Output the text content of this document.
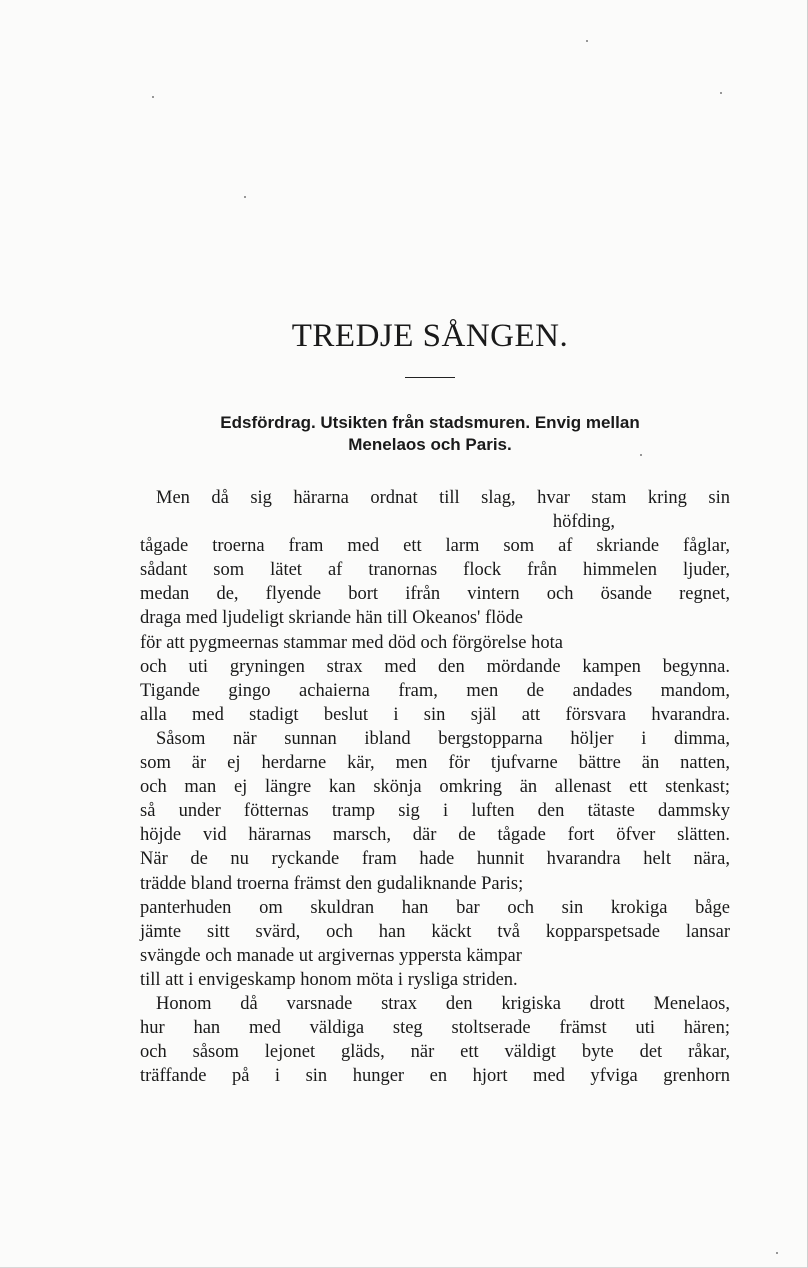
TREDJE SÅNGEN.
Edsfördrag. Utsikten från stadsmuren. Envig mellan
Menelaos och Paris.
Men då sig härarna ordnat till slag, hvar stam kring sin
höfding,
tågade troerna fram med ett larm som af skriande fåglar,
sådant som lätet af tranornas flock från himmelen ljuder,
medan de, flyende bort ifrån vintern och ösande regnet,
draga med ljudeligt skriande hän till Okeanos' flöde
för att pygmeernas stammar med död och förgörelse hota
och uti gryningen strax med den mördande kampen begynna.
Tigande gingo achaierna fram, men de andades mandom,
alla med stadigt beslut i sin själ att försvara hvarandra.
Såsom när sunnan ibland bergstopparna höljer i dimma,
som är ej herdarne kär, men för tjufvarne bättre än natten,
och man ej längre kan skönja omkring än allenast ett stenkast;
så under fötternas tramp sig i luften den tätaste dammsky
höjde vid härarnas marsch, där de tågade fort öfver slätten.
När de nu ryckande fram hade hunnit hvarandra helt nära,
trädde bland troerna främst den gudaliknande Paris;
panterhuden om skuldran han bar och sin krokiga båge
jämte sitt svärd, och han käckt två kopparspetsade lansar
svängde och manade ut argivernas yppersta kämpar
till att i envigeskamp honom möta i rysliga striden.
Honom då varsnade strax den krigiska drott Menelaos,
hur han med väldiga steg stoltserade främst uti hären;
och såsom lejonet gläds, när ett väldigt byte det råkar,
träffande på i sin hunger en hjort med yfviga grenhorn
